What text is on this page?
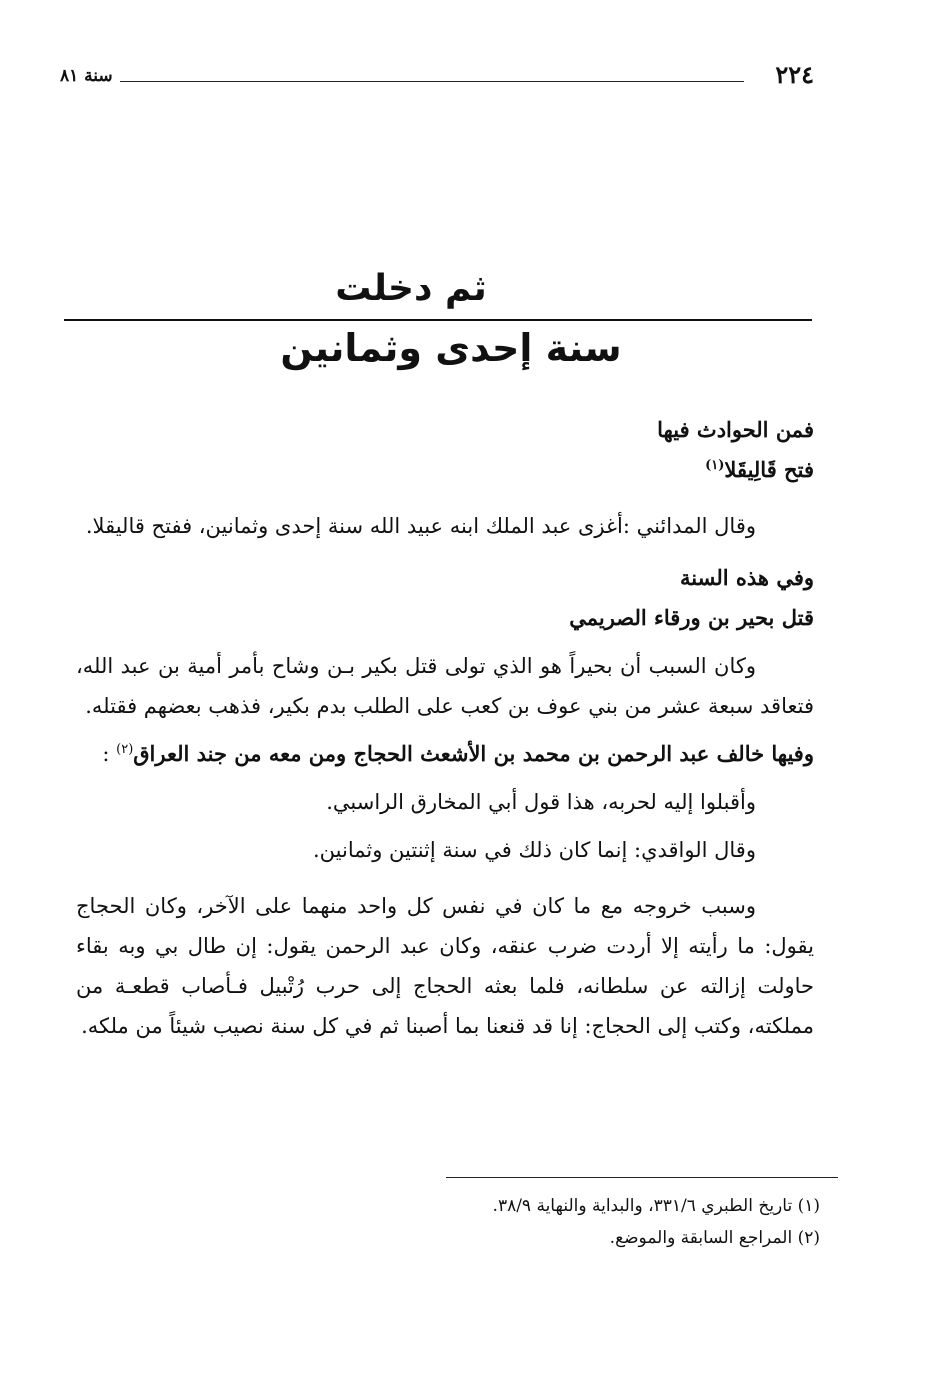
٢٢٤
سنة ٨١
ثم دخلت
سنة إحدى وثمانين

فمن الحوادث فيها

فتح قَالِيقَلا$^{(١)}$

وقال المدائني :أغزى عبد الملك ابنه عبيد الله سنة إحدى وثمانين، ففتح قاليقلا.

وفي هذه السنة

قتل بحير بن ورقاء الصريمي

وكان السبب أن بحيراً هو الذي تولى قتل بكير بـن وشاح بأمر أمية بن عبد الله، فتعاقد سبعة عشر من بني عوف بن كعب على الطلب بدم بكير، فذهب بعضهم فقتله.

وفيها خالف عبد الرحمن بن محمد بن الأشعث الحجاج ومن معه من جند العراق$^{(٢)}$ :

وأقبلوا إليه لحربه، هذا قول أبي المخارق الراسبي.

وقال الواقدي: إنما كان ذلك في سنة إثنتين وثمانين.

وسبب خروجه مع ما كان في نفس كل واحد منهما على الآخر، وكان الحجاج يقول: ما رأيته إلا أردت ضرب عنقه، وكان عبد الرحمن يقول: إن طال بي وبه بقاء حاولت إزالته عن سلطانه، فلما بعثه الحجاج إلى حرب رُتْبيل فـأصاب قطعـة من مملكته، وكتب إلى الحجاج: إنا قد قنعنا بما أصبنا ثم في كل سنة نصيب شيئاً من ملكه.

(١) تاريخ الطبري ٣٣١/٦، والبداية والنهاية ٣٨/٩.

(٢) المراجع السابقة والموضع.
